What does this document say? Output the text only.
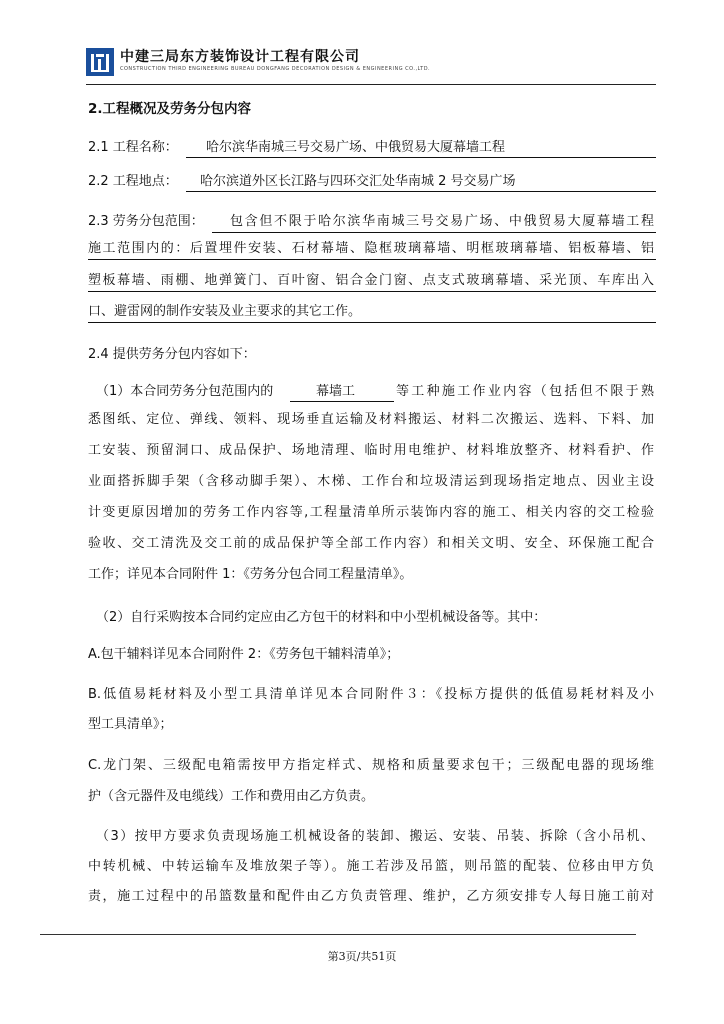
中建三局东方装饰设计工程有限公司
CONSTRUCTION THIRD ENGINEERING BUREAU DONGFANG DECORATION DESIGN & ENGINEERING CO.,LTD.
2.工程概况及劳务分包内容
2.1 工程名称： 哈尔滨华南城三号交易广场、中俄贸易大厦幕墙工程
2.2 工程地点： 哈尔滨道外区长江路与四环交汇处华南城 2 号交易广场
2.3 劳务分包范围： 包含但不限于哈尔滨华南城三号交易广场、中俄贸易大厦幕墙工程
施工范围内的：后置埋件安装、石材幕墙、隐框玻璃幕墙、明框玻璃幕墙、铝板幕墙、铝
塑板幕墙、雨棚、地弹簧门、百叶窗、铝合金门窗、点支式玻璃幕墙、采光顶、车库出入
口、避雷网的制作安装及业主要求的其它工作。
2.4 提供劳务分包内容如下：
（1）本合同劳务分包范围内的	幕墙工	等工种施工作业内容（包括但不限于熟
悉图纸、定位、弹线、领料、现场垂直运输及材料搬运、材料二次搬运、选料、下料、加
工安装、预留洞口、成品保护、场地清理、临时用电维护、材料堆放整齐、材料看护、作
业面搭拆脚手架（含移动脚手架）、木梯、工作台和垃圾清运到现场指定地点、因业主设
计变更原因增加的劳务工作内容等,工程量清单所示装饰内容的施工、相关内容的交工检验
验收、交工清洗及交工前的成品保护等全部工作内容）和相关文明、安全、环保施工配合
工作；详见本合同附件 1：《劳务分包合同工程量清单》。
（2）自行采购按本合同约定应由乙方包干的材料和中小型机械设备等。其中：
A.包干辅料详见本合同附件 2：《劳务包干辅料清单》；
B.低值易耗材料及小型工具清单详见本合同附件３：《投标方提供的低值易耗材料及小
型工具清单》；
C.龙门架、三级配电箱需按甲方指定样式、规格和质量要求包干；三级配电器的现场维
护（含元器件及电缆线）工作和费用由乙方负责。
（3）按甲方要求负责现场施工机械设备的装卸、搬运、安装、吊装、拆除（含小吊机、
中转机械、中转运输车及堆放架子等）。施工若涉及吊篮，则吊篮的配装、位移由甲方负
责，施工过程中的吊篮数量和配件由乙方负责管理、维护，乙方须安排专人每日施工前对
第3页/共51页
